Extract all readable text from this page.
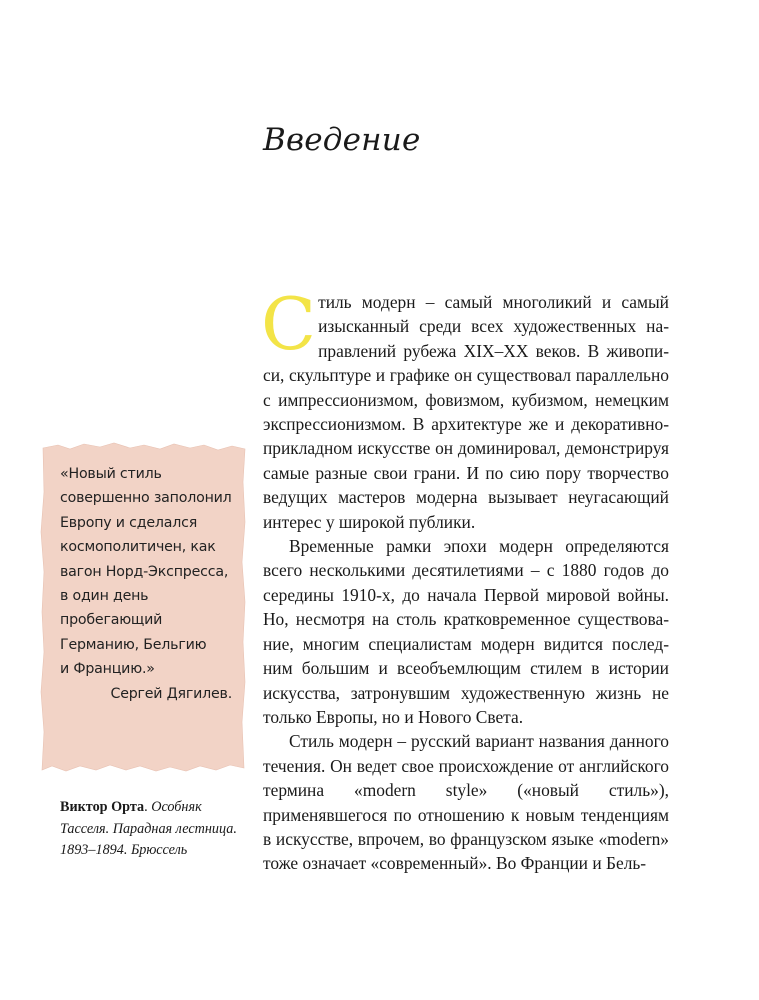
Введение

Стиль модерн – самый многоликий и самый изысканный среди всех художественных направлений рубежа XIX–XX веков. В живописи, скульптуре и графике он существовал параллельно с импрессионизмом, фовизмом, кубизмом, немецким экспрессионизмом. В архитектуре же и декоративно-прикладном искусстве он доминировал, демонстрируя самые разные свои грани. И по сию пору творчество ведущих мастеров модерна вызывает неугасающий интерес у широкой публики.

Временные рамки эпохи модерн определяются всего несколькими десятилетиями – с 1880 годов до середины 1910-х, до начала Первой мировой войны. Но, несмотря на столь кратковременное существование, многим специалистам модерн видится последним большим и всеобъемлющим стилем в истории искусства, затронувшим художественную жизнь не только Европы, но и Нового Света.

Стиль модерн – русский вариант названия данного течения. Он ведет свое происхождение от английского термина «modern style» («новый стиль»), применявшегося по отношению к новым тенденциям в искусстве, впрочем, во французском языке «modern» тоже означает «современный». Во Франции и Бель-

«Новый стиль
совершенно заполонил
Европу и сделался
космополитичен, как
вагон Норд-Экспресса,
в один день
пробегающий
Германию, Бельгию
и Францию.»
Сергей Дягилев.
Виктор Орта. Особняк Тасселя. Парадная лестница. 1893–1894. Брюссель
